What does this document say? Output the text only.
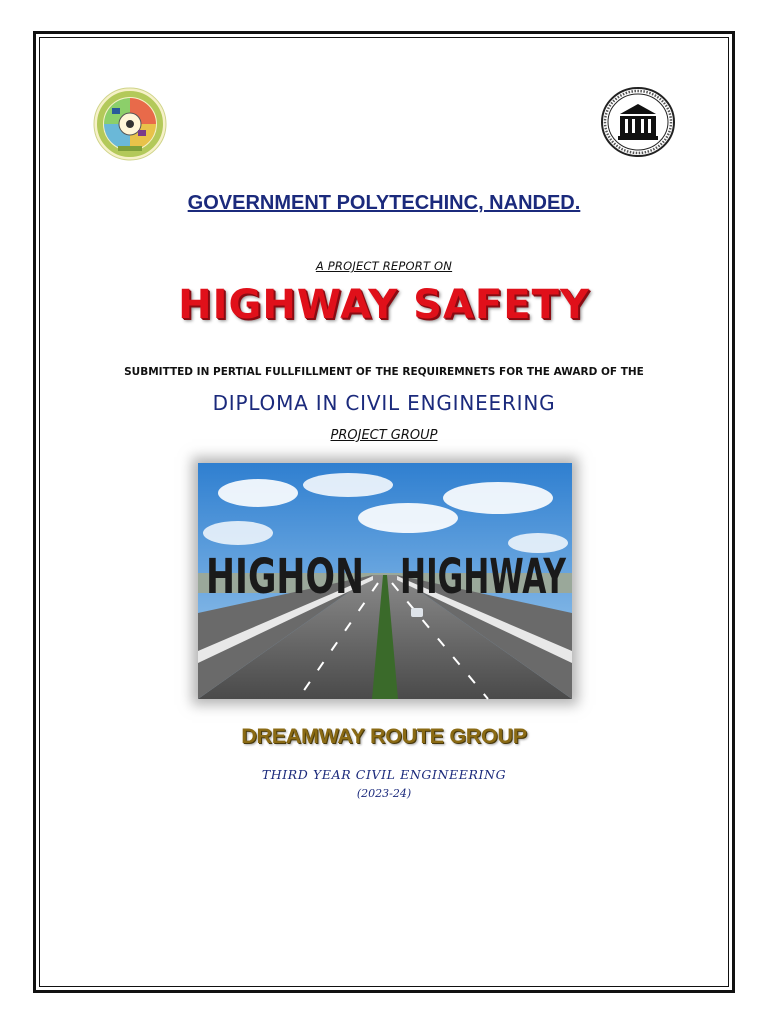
GOVERNMENT POLYTECHINC, NANDED.
A PROJECT REPORT ON
HIGHWAY SAFETY
SUBMITTED IN PERTIAL FULLFILLMENT OF THE REQUIREMNETS FOR THE AWARD OF THE
DIPLOMA IN CIVIL ENGINEERING
PROJECT GROUP
HIGHON HIGHWAY
DREAMWAY ROUTE GROUP
THIRD YEAR CIVIL ENGINEERING
(2023-24)
